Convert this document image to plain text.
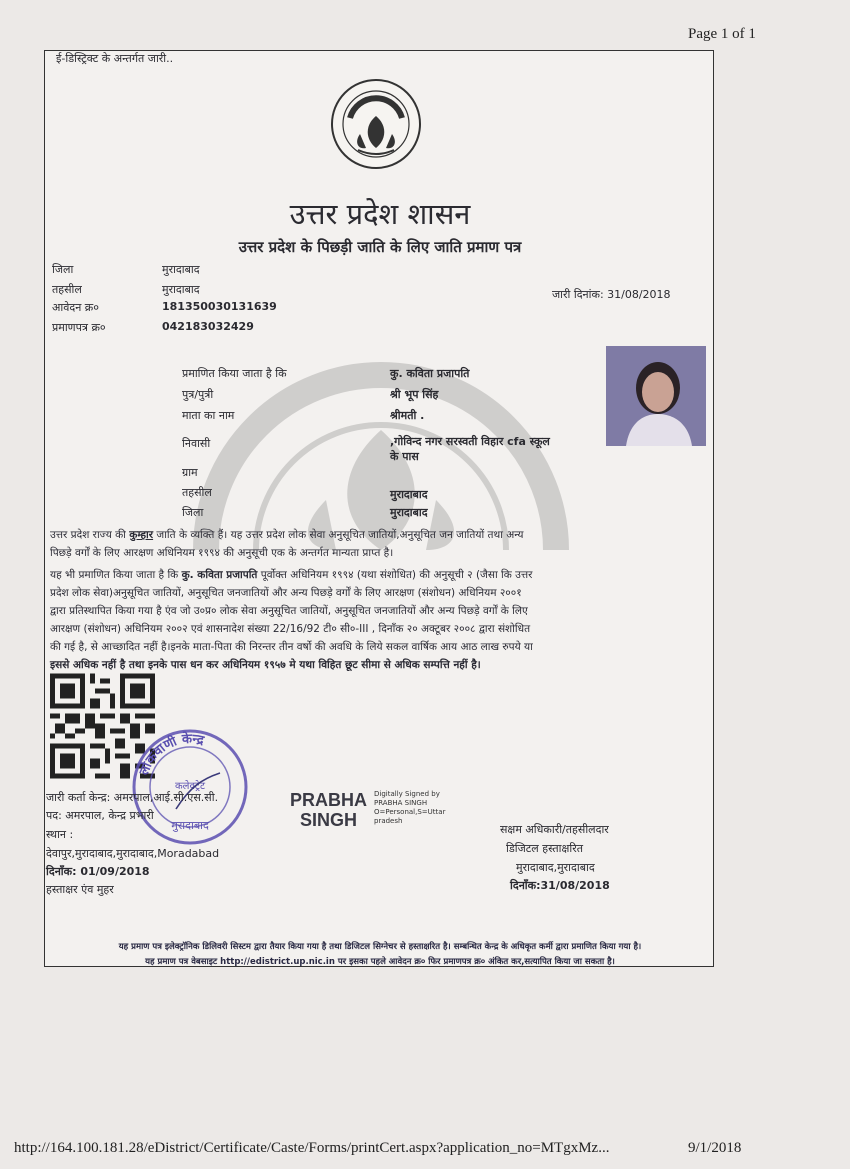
Page 1 of 1
ई-डिस्ट्रिक्ट के अन्तर्गत जारी..
उत्तर प्रदेश शासन
उत्तर प्रदेश के पिछड़ी जाति के लिए जाति प्रमाण पत्र
जिला	मुरादाबाद
तहसील	मुरादाबाद
आवेदन क्र०	181350030131639
प्रमाणपत्र क्र०	042183032429
जारी दिनांक: 31/08/2018
प्रमाणित किया जाता है कि	कु. कविता प्रजापति
पुत्र/पुत्री	श्री भूप सिंह
माता का नाम	श्रीमती .
निवासी	,गोविन्द नगर सरस्वती विहार cfa स्कूल
के पास
ग्राम
तहसील	मुरादाबाद
जिला	मुरादाबाद
उत्तर प्रदेश राज्य की कुम्हार जाति के व्यक्ति हैं। यह उत्तर प्रदेश लोक सेवा अनुसूचित जातियों,अनुसूचित जन जातियों तथा अन्य
पिछड़े वर्गों के लिए आरक्षण अधिनियम १९९४ की अनुसूची एक के अन्तर्गत मान्यता प्राप्त है।
यह भी प्रमाणित किया जाता है कि कु. कविता प्रजापति पूर्वोक्त अधिनियम १९९४ (यथा संशोधित) की अनुसूची २ (जैसा कि उत्तर
प्रदेश लोक सेवा)अनुसूचित जातियों, अनुसूचित जनजातियों और अन्य पिछड़े वर्गों के लिए आरक्षण (संशोधन) अधिनियम २००१
द्वारा प्रतिस्थापित किया गया है एंव जो उ०प्र० लोक सेवा अनुसूचित जातियों, अनुसूचित जनजातियों और अन्य पिछड़े वर्गों के लिए
आरक्षण (संशोधन) अधिनियम २००२ एवं शासनादेश संख्या 22/16/92 टी० सी०-III , दिनाँक २० अक्टूबर २००८ द्वारा संशोधित
की गई है, से आच्छादित नहीं है।इनके माता-पिता की निरन्तर तीन वर्षो की अवधि के लिये सकल वार्षिक आय आठ लाख रुपये या
इससे अधिक नहीं है तथा इनके पास धन कर अधिनियम १९५७ मे यथा विहित छूट सीमा से अधिक सम्पत्ति नहीं है।
लोकवाणी केन्द्र
कलेक्ट्रेट
मुरादाबाद
जारी कर्ता केन्द्र: अमरपाल,आई.सी.एस.सी.
पद: अमरपाल, केन्द्र प्रभारी
स्थान :
देवापुर,मुरादाबाद,मुरादाबाद,Moradabad
दिनाँक: 01/09/2018
हस्ताक्षर एंव मुहर
PRABHA
SINGH
Digitally Signed by
PRABHA SINGH
O=Personal,S=Uttar
pradesh
सक्षम अधिकारी/तहसीलदार
डिजिटल हस्ताक्षरित
मुरादाबाद,मुरादाबाद
दिनाँक:31/08/2018
यह प्रमाण पत्र इलेक्ट्रॉनिक डिलिवरी सिस्टम द्वारा तैयार किया गया है तथा डिजिटल सिग्नेचर से हस्ताक्षरित है। सम्बन्धित केन्द्र के अधिकृत कर्मी द्वारा प्रमाणित किया गया है।
यह प्रमाण पत्र वेबसाइट http://edistrict.up.nic.in पर इसका पहले आवेदन क्र० फिर प्रमाणपत्र क्र० अंकित कर,सत्यापित किया जा सकता है।
http://164.100.181.28/eDistrict/Certificate/Caste/Forms/printCert.aspx?application_no=MTgxMz...	9/1/2018
